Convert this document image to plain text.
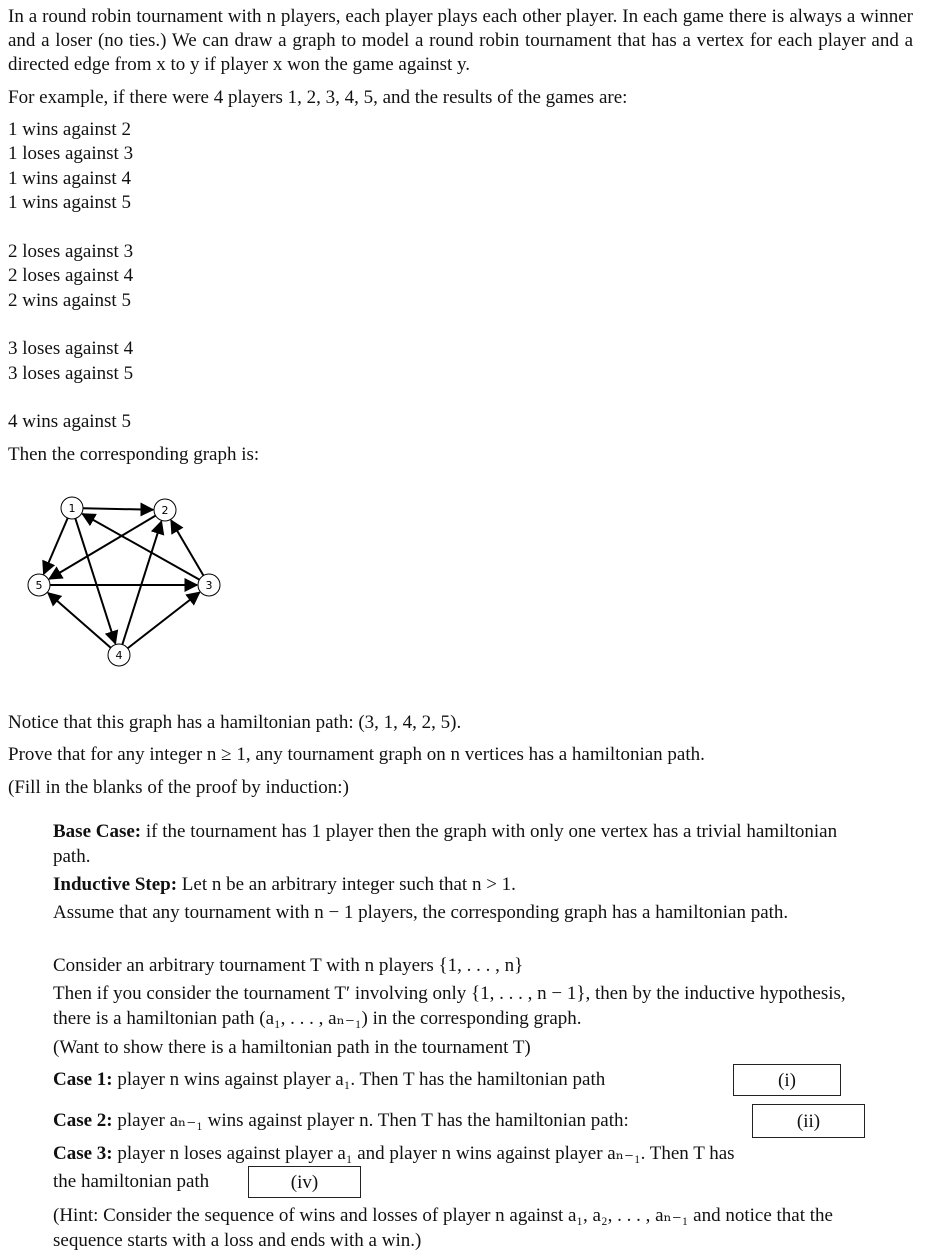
In a round robin tournament with n players, each player plays each other player. In each game there is always a winner and a loser (no ties.) We can draw a graph to model a round robin tournament that has a vertex for each player and a directed edge from x to y if player x won the game against y.
For example, if there were 4 players 1, 2, 3, 4, 5, and the results of the games are:
1 wins against 2
1 loses against 3
1 wins against 4
1 wins against 5
2 loses against 3
2 loses against 4
2 wins against 5
3 loses against 4
3 loses against 5
4 wins against 5
Then the corresponding graph is:
1	2
3
4
5
Notice that this graph has a hamiltonian path: (3, 1, 4, 2, 5).
Prove that for any integer n ≥ 1, any tournament graph on n vertices has a hamiltonian path.
(Fill in the blanks of the proof by induction:)
Base Case: if the tournament has 1 player then the graph with only one vertex has a trivial hamiltonian path.
Inductive Step: Let n be an arbitrary integer such that n > 1.
Assume that any tournament with n − 1 players, the corresponding graph has a hamiltonian path.
Consider an arbitrary tournament T with n players {1, . . . , n}
Then if you consider the tournament T′ involving only {1, . . . , n − 1}, then by the inductive hypothesis, there is a hamiltonian path (a₁, . . . , aₙ₋₁) in the corresponding graph.
(Want to show there is a hamiltonian path in the tournament T)
Case 1: player n wins against player a₁. Then T has the hamiltonian path	(i)
Case 2: player aₙ₋₁ wins against player n. Then T has the hamiltonian path:	(ii)
Case 3: player n loses against player a₁ and player n wins against player aₙ₋₁. Then T has
the hamiltonian path	(iv)
(Hint: Consider the sequence of wins and losses of player n against a₁, a₂, . . . , aₙ₋₁ and notice that the sequence starts with a loss and ends with a win.)
